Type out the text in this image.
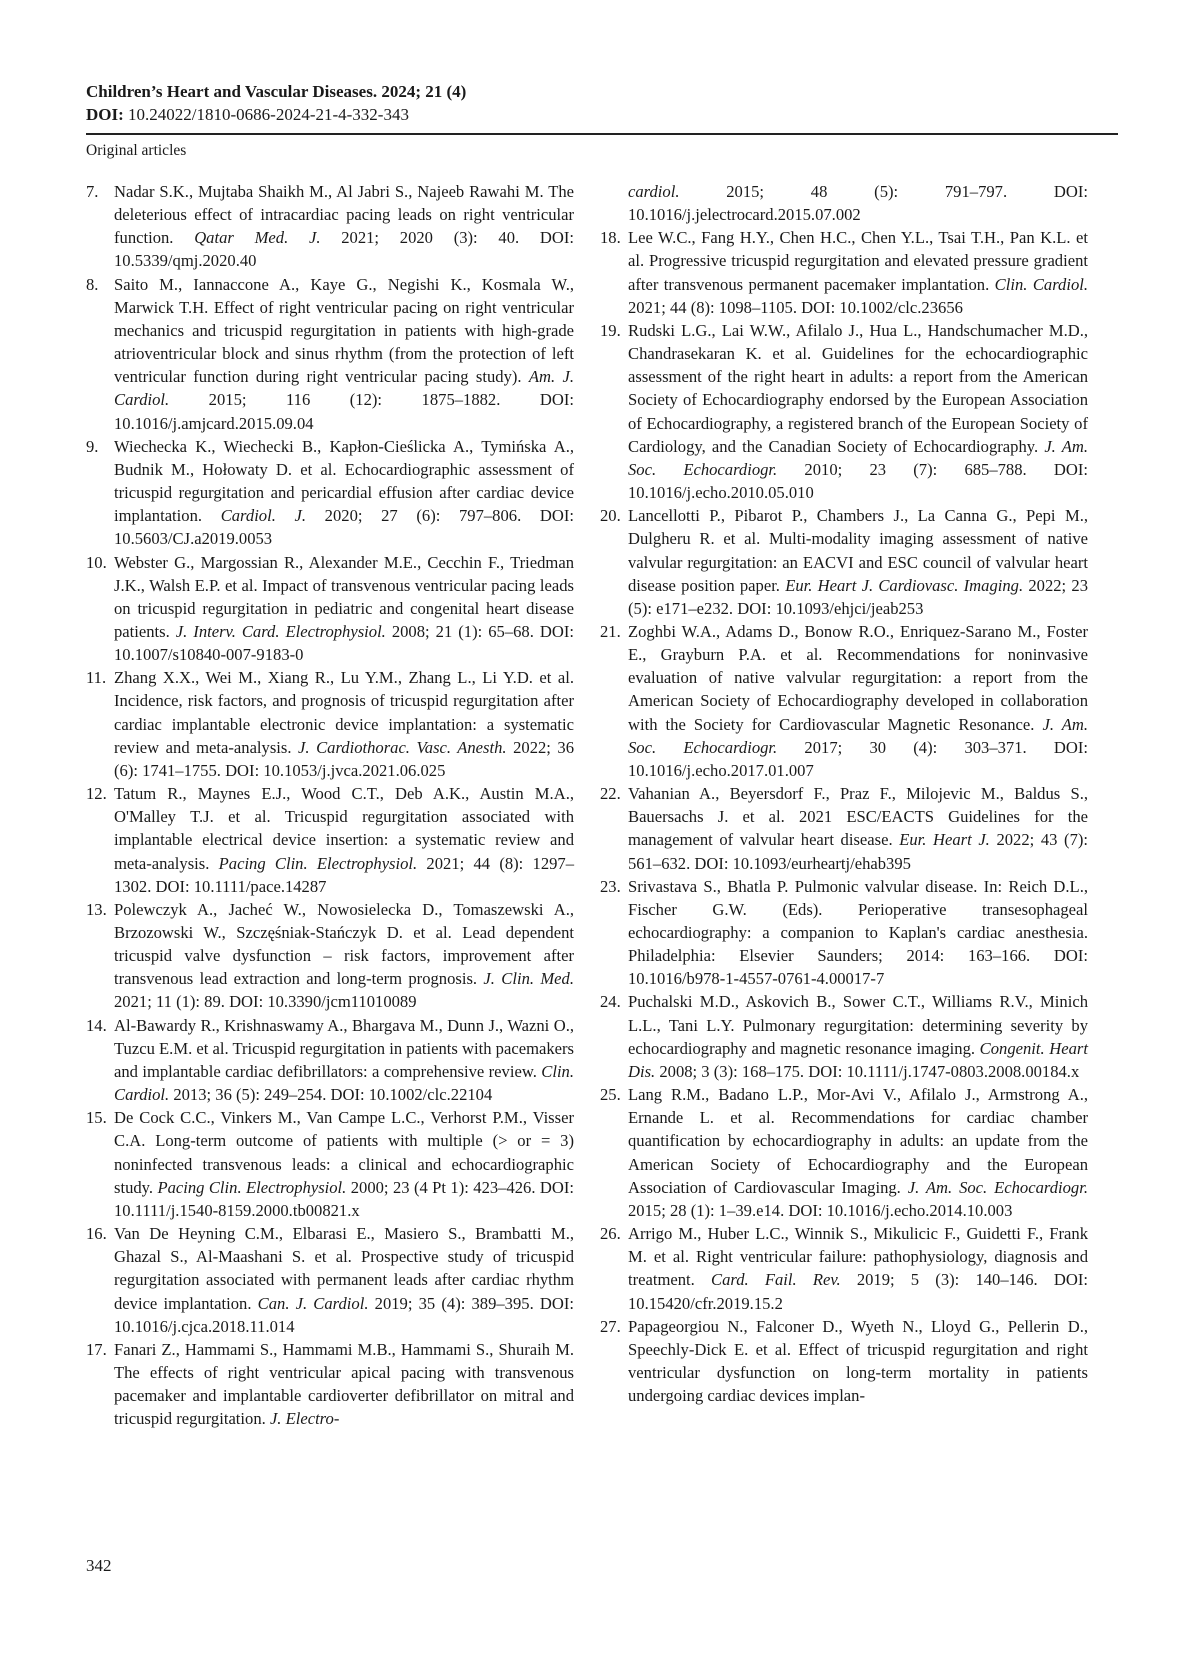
Children’s Heart and Vascular Diseases. 2024; 21 (4)
DOI: 10.24022/1810-0686-2024-21-4-332-343
Original articles
7. Nadar S.K., Mujtaba Shaikh M., Al Jabri S., Najeeb Rawahi M. The deleterious effect of intracardiac pacing leads on right ventricular function. Qatar Med. J. 2021; 2020 (3): 40. DOI: 10.5339/qmj.2020.40
8. Saito M., Iannaccone A., Kaye G., Negishi K., Kosmala W., Marwick T.H. Effect of right ventricular pacing on right ventricular mechanics and tricuspid regurgitation in patients with high-grade atrioventricular block and sinus rhythm (from the protection of left ventricular function during right ventricular pacing study). Am. J. Cardiol. 2015; 116 (12): 1875–1882. DOI: 10.1016/j.amjcard.2015.09.04
9. Wiechecka K., Wiechecki B., Kapłon-Cieślicka A., Tymińska A., Budnik M., Hołowaty D. et al. Echocardiographic assessment of tricuspid regurgitation and pericardial effusion after cardiac device implantation. Cardiol. J. 2020; 27 (6): 797–806. DOI: 10.5603/CJ.a2019.0053
10. Webster G., Margossian R., Alexander M.E., Cecchin F., Triedman J.K., Walsh E.P. et al. Impact of transvenous ventricular pacing leads on tricuspid regurgitation in pediatric and congenital heart disease patients. J. Interv. Card. Electrophysiol. 2008; 21 (1): 65–68. DOI: 10.1007/s10840-007-9183-0
11. Zhang X.X., Wei M., Xiang R., Lu Y.M., Zhang L., Li Y.D. et al. Incidence, risk factors, and prognosis of tricuspid regurgitation after cardiac implantable electronic device implantation: a systematic review and meta-analysis. J. Cardiothorac. Vasc. Anesth. 2022; 36 (6): 1741–1755. DOI: 10.1053/j.jvca.2021.06.025
12. Tatum R., Maynes E.J., Wood C.T., Deb A.K., Austin M.A., O'Malley T.J. et al. Tricuspid regurgitation associated with implantable electrical device insertion: a systematic review and meta-analysis. Pacing Clin. Electrophysiol. 2021; 44 (8): 1297–1302. DOI: 10.1111/pace.14287
13. Polewczyk A., Jacheć W., Nowosielecka D., Tomaszewski A., Brzozowski W., Szczęśniak-Stańczyk D. et al. Lead dependent tricuspid valve dysfunction – risk factors, improvement after transvenous lead extraction and long-term prognosis. J. Clin. Med. 2021; 11 (1): 89. DOI: 10.3390/jcm11010089
14. Al-Bawardy R., Krishnaswamy A., Bhargava M., Dunn J., Wazni O., Tuzcu E.M. et al. Tricuspid regurgitation in patients with pacemakers and implantable cardiac defibrillators: a comprehensive review. Clin. Cardiol. 2013; 36 (5): 249–254. DOI: 10.1002/clc.22104
15. De Cock C.C., Vinkers M., Van Campe L.C., Verhorst P.M., Visser C.A. Long-term outcome of patients with multiple (> or = 3) noninfected transvenous leads: a clinical and echocardiographic study. Pacing Clin. Electrophysiol. 2000; 23 (4 Pt 1): 423–426. DOI: 10.1111/j.1540-8159.2000.tb00821.x
16. Van De Heyning C.M., Elbarasi E., Masiero S., Brambatti M., Ghazal S., Al-Maashani S. et al. Prospective study of tricuspid regurgitation associated with permanent leads after cardiac rhythm device implantation. Can. J. Cardiol. 2019; 35 (4): 389–395. DOI: 10.1016/j.cjca.2018.11.014
17. Fanari Z., Hammami S., Hammami M.B., Hammami S., Shuraih M. The effects of right ventricular apical pacing with transvenous pacemaker and implantable cardioverter defibrillator on mitral and tricuspid regurgitation. J. Electro-
cardiol. 2015; 48 (5): 791–797. DOI: 10.1016/j.jelectrocard.2015.07.002
18. Lee W.C., Fang H.Y., Chen H.C., Chen Y.L., Tsai T.H., Pan K.L. et al. Progressive tricuspid regurgitation and elevated pressure gradient after transvenous permanent pacemaker implantation. Clin. Cardiol. 2021; 44 (8): 1098–1105. DOI: 10.1002/clc.23656
19. Rudski L.G., Lai W.W., Afilalo J., Hua L., Handschumacher M.D., Chandrasekaran K. et al. Guidelines for the echocardiographic assessment of the right heart in adults: a report from the American Society of Echocardiography endorsed by the European Association of Echocardiography, a registered branch of the European Society of Cardiology, and the Canadian Society of Echocardiography. J. Am. Soc. Echocardiogr. 2010; 23 (7): 685–788. DOI: 10.1016/j.echo.2010.05.010
20. Lancellotti P., Pibarot P., Chambers J., La Canna G., Pepi M., Dulgheru R. et al. Multi-modality imaging assessment of native valvular regurgitation: an EACVI and ESC council of valvular heart disease position paper. Eur. Heart J. Cardiovasc. Imaging. 2022; 23 (5): e171–e232. DOI: 10.1093/ehjci/jeab253
21. Zoghbi W.A., Adams D., Bonow R.O., Enriquez-Sarano M., Foster E., Grayburn P.A. et al. Recommendations for noninvasive evaluation of native valvular regurgitation: a report from the American Society of Echocardiography developed in collaboration with the Society for Cardiovascular Magnetic Resonance. J. Am. Soc. Echocardiogr. 2017; 30 (4): 303–371. DOI: 10.1016/j.echo.2017.01.007
22. Vahanian A., Beyersdorf F., Praz F., Milojevic M., Baldus S., Bauersachs J. et al. 2021 ESC/EACTS Guidelines for the management of valvular heart disease. Eur. Heart J. 2022; 43 (7): 561–632. DOI: 10.1093/eurheartj/ehab395
23. Srivastava S., Bhatla P. Pulmonic valvular disease. In: Reich D.L., Fischer G.W. (Eds). Perioperative transesophageal echocardiography: a companion to Kaplan's cardiac anesthesia. Philadelphia: Elsevier Saunders; 2014: 163–166. DOI: 10.1016/b978-1-4557-0761-4.00017-7
24. Puchalski M.D., Askovich B., Sower C.T., Williams R.V., Minich L.L., Tani L.Y. Pulmonary regurgitation: determining severity by echocardiography and magnetic resonance imaging. Congenit. Heart Dis. 2008; 3 (3): 168–175. DOI: 10.1111/j.1747-0803.2008.00184.x
25. Lang R.M., Badano L.P., Mor-Avi V., Afilalo J., Armstrong A., Ernande L. et al. Recommendations for cardiac chamber quantification by echocardiography in adults: an update from the American Society of Echocardiography and the European Association of Cardiovascular Imaging. J. Am. Soc. Echocardiogr. 2015; 28 (1): 1–39.e14. DOI: 10.1016/j.echo.2014.10.003
26. Arrigo M., Huber L.C., Winnik S., Mikulicic F., Guidetti F., Frank M. et al. Right ventricular failure: pathophysiology, diagnosis and treatment. Card. Fail. Rev. 2019; 5 (3): 140–146. DOI: 10.15420/cfr.2019.15.2
27. Papageorgiou N., Falconer D., Wyeth N., Lloyd G., Pellerin D., Speechly-Dick E. et al. Effect of tricuspid regurgitation and right ventricular dysfunction on long-term mortality in patients undergoing cardiac devices implan-
342
